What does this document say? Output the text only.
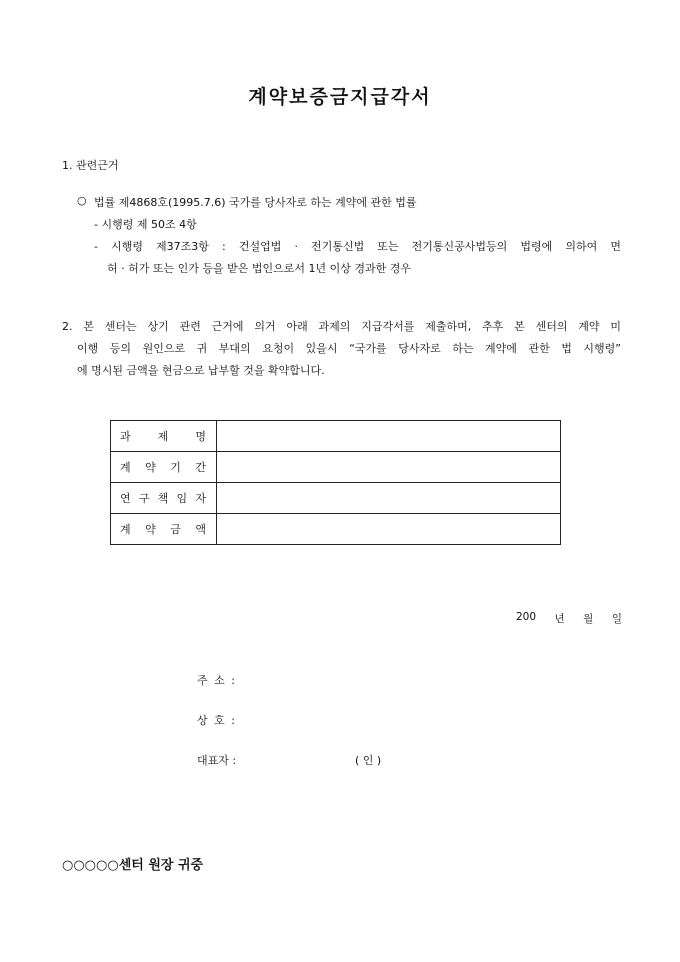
계약보증금지급각서
1. 관련근거
○ 법률 제4868호(1995.7.6) 국가를 당사자로 하는 계약에 관한 법률
- 시행령 제 50조 4항
- 시행령 제37조3항 : 건설업법 · 전기통신법 또는 전기통신공사법등의 법령에 의하여 면
허 · 허가 또는 인가 등을 받은 법인으로서 1년 이상 경과한 경우
2. 본 센터는 상기 관련 근거에 의거 아래 과제의 지급각서를 제출하며, 추후 본 센터의 계약 미
이행 등의 원인으로 귀 부대의 요청이 있을시 “국가를 당사자로 하는 계약에 관한 법 시행령”
에 명시된 금액을 현금으로 납부할 것을 확약합니다.
과 제 명	

계 약 기 간	

연 구 책 임 자	

계 약 금 액	

200 년 월 일
주 소 :
상 호 :
대표자 :	( 인 )
○○○○○센터 원장 귀중
